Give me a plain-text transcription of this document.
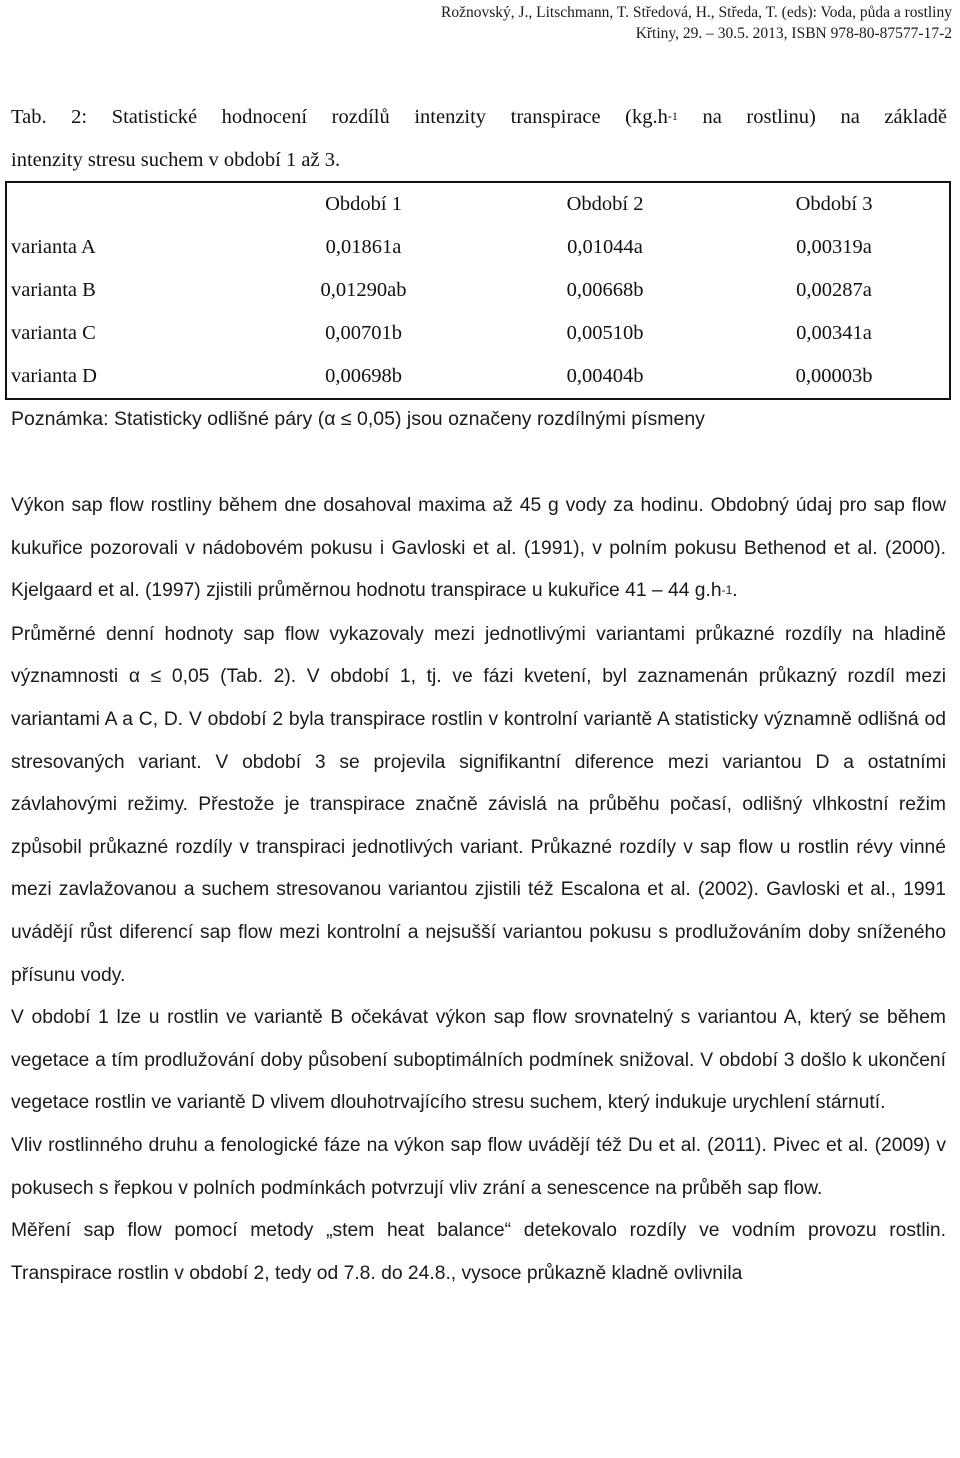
Rožnovský, J., Litschmann, T. Středová, H., Středa, T. (eds): Voda, půda a rostliny
Křtiny, 29. – 30.5. 2013, ISBN 978-80-87577-17-2

Tab. 2: Statistické hodnocení rozdílů intenzity transpirace ($kg.h^{-1}$ na rostlinu) na základě
intenzity stresu suchem v období 1 až 3.

	Období 1	Období 2	Období 3
varianta A	0,01861a	0,01044a	0,00319a
varianta B	0,01290ab	0,00668b	0,00287a
varianta C	0,00701b	0,00510b	0,00341a
varianta D	0,00698b	0,00404b	0,00003b
Poznámka: Statisticky odlišné páry (α ≤ 0,05) jsou označeny rozdílnými písmeny

Výkon sap flow rostliny během dne dosahoval maxima až 45 g vody za hodinu. Obdobný údaj pro sap flow kukuřice pozorovali v nádobovém pokusu i Gavloski et al. (1991), v polním pokusu Bethenod et al. (2000). Kjelgaard et al. (1997) zjistili průměrnou hodnotu transpirace u kukuřice 41 – 44 $g.h^{-1}$.

Průměrné denní hodnoty sap flow vykazovaly mezi jednotlivými variantami průkazné rozdíly na hladině významnosti α ≤ 0,05 (Tab. 2). V období 1, tj. ve fázi kvetení, byl zaznamenán průkazný rozdíl mezi variantami A a C, D. V období 2 byla transpirace rostlin v kontrolní variantě A statisticky významně odlišná od stresovaných variant. V období 3 se projevila signifikantní diference mezi variantou D a ostatními závlahovými režimy. Přestože je transpirace značně závislá na průběhu počasí, odlišný vlhkostní režim způsobil průkazné rozdíly v transpiraci jednotlivých variant. Průkazné rozdíly v sap flow u rostlin révy vinné mezi zavlažovanou a suchem stresovanou variantou zjistili též Escalona et al. (2002). Gavloski et al., 1991 uvádějí růst diferencí sap flow mezi kontrolní a nejsušší variantou pokusu s prodlužováním doby sníženého přísunu vody.

V období 1 lze u rostlin ve variantě B očekávat výkon sap flow srovnatelný s variantou A, který se během vegetace a tím prodlužování doby působení suboptimálních podmínek snižoval. V období 3 došlo k ukončení vegetace rostlin ve variantě D vlivem dlouhotrvajícího stresu suchem, který indukuje urychlení stárnutí.

Vliv rostlinného druhu a fenologické fáze na výkon sap flow uvádějí též Du et al. (2011). Pivec et al. (2009) v pokusech s řepkou v polních podmínkách potvrzují vliv zrání a senescence na průběh sap flow.

Měření sap flow pomocí metody „stem heat balance“ detekovalo rozdíly ve vodním provozu rostlin. Transpirace rostlin v období 2, tedy od 7.8. do 24.8., vysoce průkazně kladně ovlivnila
